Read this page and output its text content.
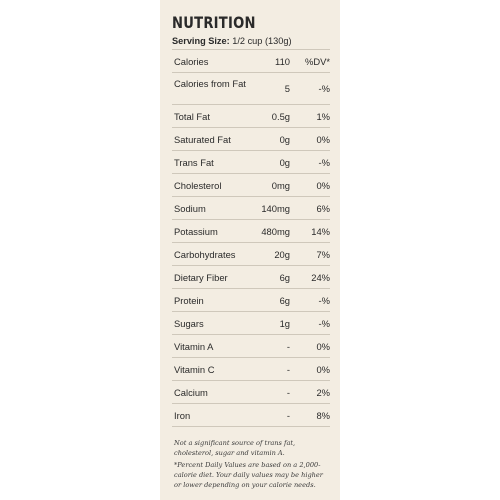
NUTRITION
Serving Size: 1/2 cup (130g)
Calories	110 %DV*
Calories from Fat	5	-%
Total Fat	0.5g	1%
Saturated Fat	0g	0%
Trans Fat	0g	-%
Cholesterol	0mg	0%
Sodium	140mg	6%
Potassium	480mg 14%
Carbohydrates	20g	7%
Dietary Fiber	6g 24%
Protein	6g	-%
Sugars	1g	-%
Vitamin A	-	0%
Vitamin C	-	0%
Calcium	-	2%
Iron	-	8%

Not a significant source of trans fat, cholesterol, sugar and vitamin A.

*Percent Daily Values are based on a 2,000-calorie diet. Your daily values may be higher or lower depending on your calorie needs.
